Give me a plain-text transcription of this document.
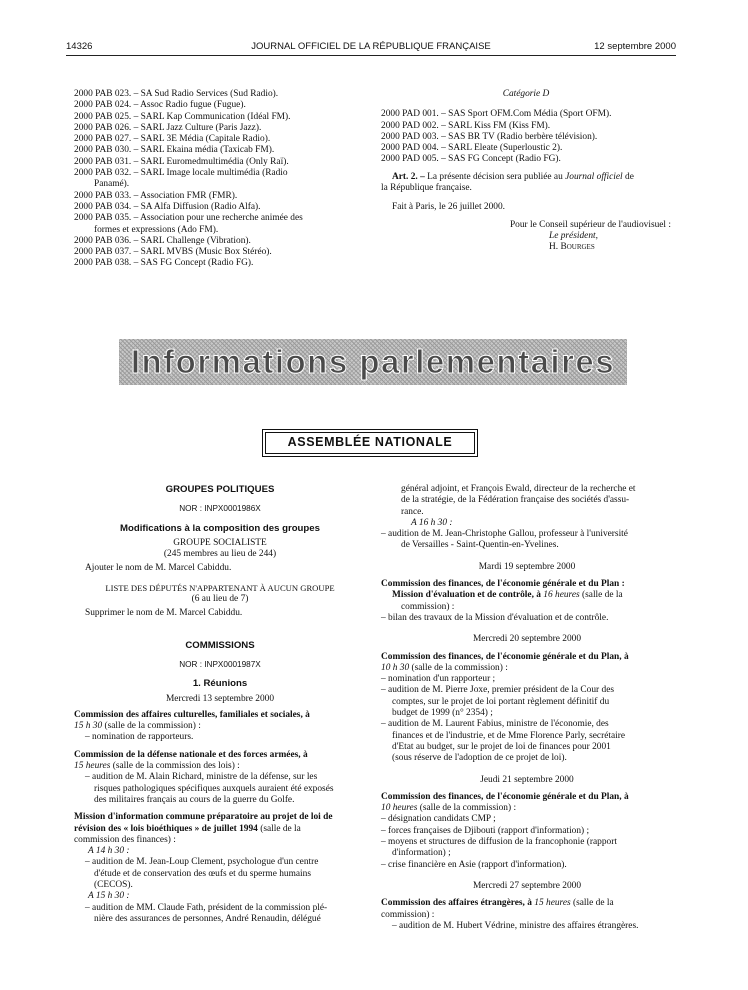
14326	JOURNAL OFFICIEL DE LA RÉPUBLIQUE FRANÇAISE	12 septembre 2000
2000 PAB 023. – SA Sud Radio Services (Sud Radio).
2000 PAB 024. – Assoc Radio fugue (Fugue).
2000 PAB 025. – SARL Kap Communication (Idéal FM).
2000 PAB 026. – SARL Jazz Culture (Paris Jazz).
2000 PAB 027. – SARL 3E Média (Capitale Radio).
2000 PAB 030. – SARL Ekaina média (Taxicab FM).
2000 PAB 031. – SARL Euromedmultimédia (Only Raï).
2000 PAB 032. – SARL Image locale multimédia (Radio
Panamé).
2000 PAB 033. – Association FMR (FMR).
2000 PAB 034. – SA Alfa Diffusion (Radio Alfa).
2000 PAB 035. – Association pour une recherche animée des
formes et expressions (Ado FM).
2000 PAB 036. – SARL Challenge (Vibration).
2000 PAB 037. – SARL MVBS (Music Box Stéréo).
2000 PAB 038. – SAS FG Concept (Radio FG).
Catégorie D
2000 PAD 001. – SAS Sport OFM.Com Média (Sport OFM).
2000 PAD 002. – SARL Kiss FM (Kiss FM).
2000 PAD 003. – SAS BR TV (Radio berbère télévision).
2000 PAD 004. – SARL Eleate (Superloustic 2).
2000 PAD 005. – SAS FG Concept (Radio FG).
Art. 2. – La présente décision sera publiée au Journal officiel de
la République française.
Fait à Paris, le 26 juillet 2000.
Pour le Conseil supérieur de l'audiovisuel :
Le président,
H. Bourges
Informations parlementaires
ASSEMBLÉE NATIONALE
GROUPES POLITIQUES
NOR : INPX0001986X
Modifications à la composition des groupes
GROUPE SOCIALISTE
(245 membres au lieu de 244)
Ajouter le nom de M. Marcel Cabiddu.
LISTE DES DÉPUTÉS N'APPARTENANT À AUCUN GROUPE
(6 au lieu de 7)
Supprimer le nom de M. Marcel Cabiddu.
COMMISSIONS
NOR : INPX0001987X
1. Réunions
Mercredi 13 septembre 2000
Commission des affaires culturelles, familiales et sociales, à
15 h 30 (salle de la commission) :
– nomination de rapporteurs.
Commission de la défense nationale et des forces armées, à
15 heures (salle de la commission des lois) :
– audition de M. Alain Richard, ministre de la défense, sur les
risques pathologiques spécifiques auxquels auraient été exposés
des militaires français au cours de la guerre du Golfe.
Mission d'information commune préparatoire au projet de loi de
révision des « lois bioéthiques » de juillet 1994 (salle de la
commission des finances) :
A 14 h 30 :
– audition de M. Jean-Loup Clement, psychologue d'un centre
d'étude et de conservation des œufs et du sperme humains
(CECOS).
A 15 h 30 :
– audition de MM. Claude Fath, président de la commission plé-
nière des assurances de personnes, André Renaudin, délégué
général adjoint, et François Ewald, directeur de la recherche et
de la stratégie, de la Fédération française des sociétés d'assu-
rance.
A 16 h 30 :
– audition de M. Jean-Christophe Gallou, professeur à l'université
de Versailles - Saint-Quentin-en-Yvelines.
Mardi 19 septembre 2000
Commission des finances, de l'économie générale et du Plan :
Mission d'évaluation et de contrôle, à 16 heures (salle de la
commission) :
– bilan des travaux de la Mission d'évaluation et de contrôle.
Mercredi 20 septembre 2000
Commission des finances, de l'économie générale et du Plan, à
10 h 30 (salle de la commission) :
– nomination d'un rapporteur ;
– audition de M. Pierre Joxe, premier président de la Cour des
comptes, sur le projet de loi portant règlement définitif du
budget de 1999 (n° 2354) ;
– audition de M. Laurent Fabius, ministre de l'économie, des
finances et de l'industrie, et de Mme Florence Parly, secrétaire
d'Etat au budget, sur le projet de loi de finances pour 2001
(sous réserve de l'adoption de ce projet de loi).
Jeudi 21 septembre 2000
Commission des finances, de l'économie générale et du Plan, à
10 heures (salle de la commission) :
– désignation candidats CMP ;
– forces françaises de Djibouti (rapport d'information) ;
– moyens et structures de diffusion de la francophonie (rapport
d'information) ;
– crise financière en Asie (rapport d'information).
Mercredi 27 septembre 2000
Commission des affaires étrangères, à 15 heures (salle de la
commission) :
– audition de M. Hubert Védrine, ministre des affaires étrangères.
